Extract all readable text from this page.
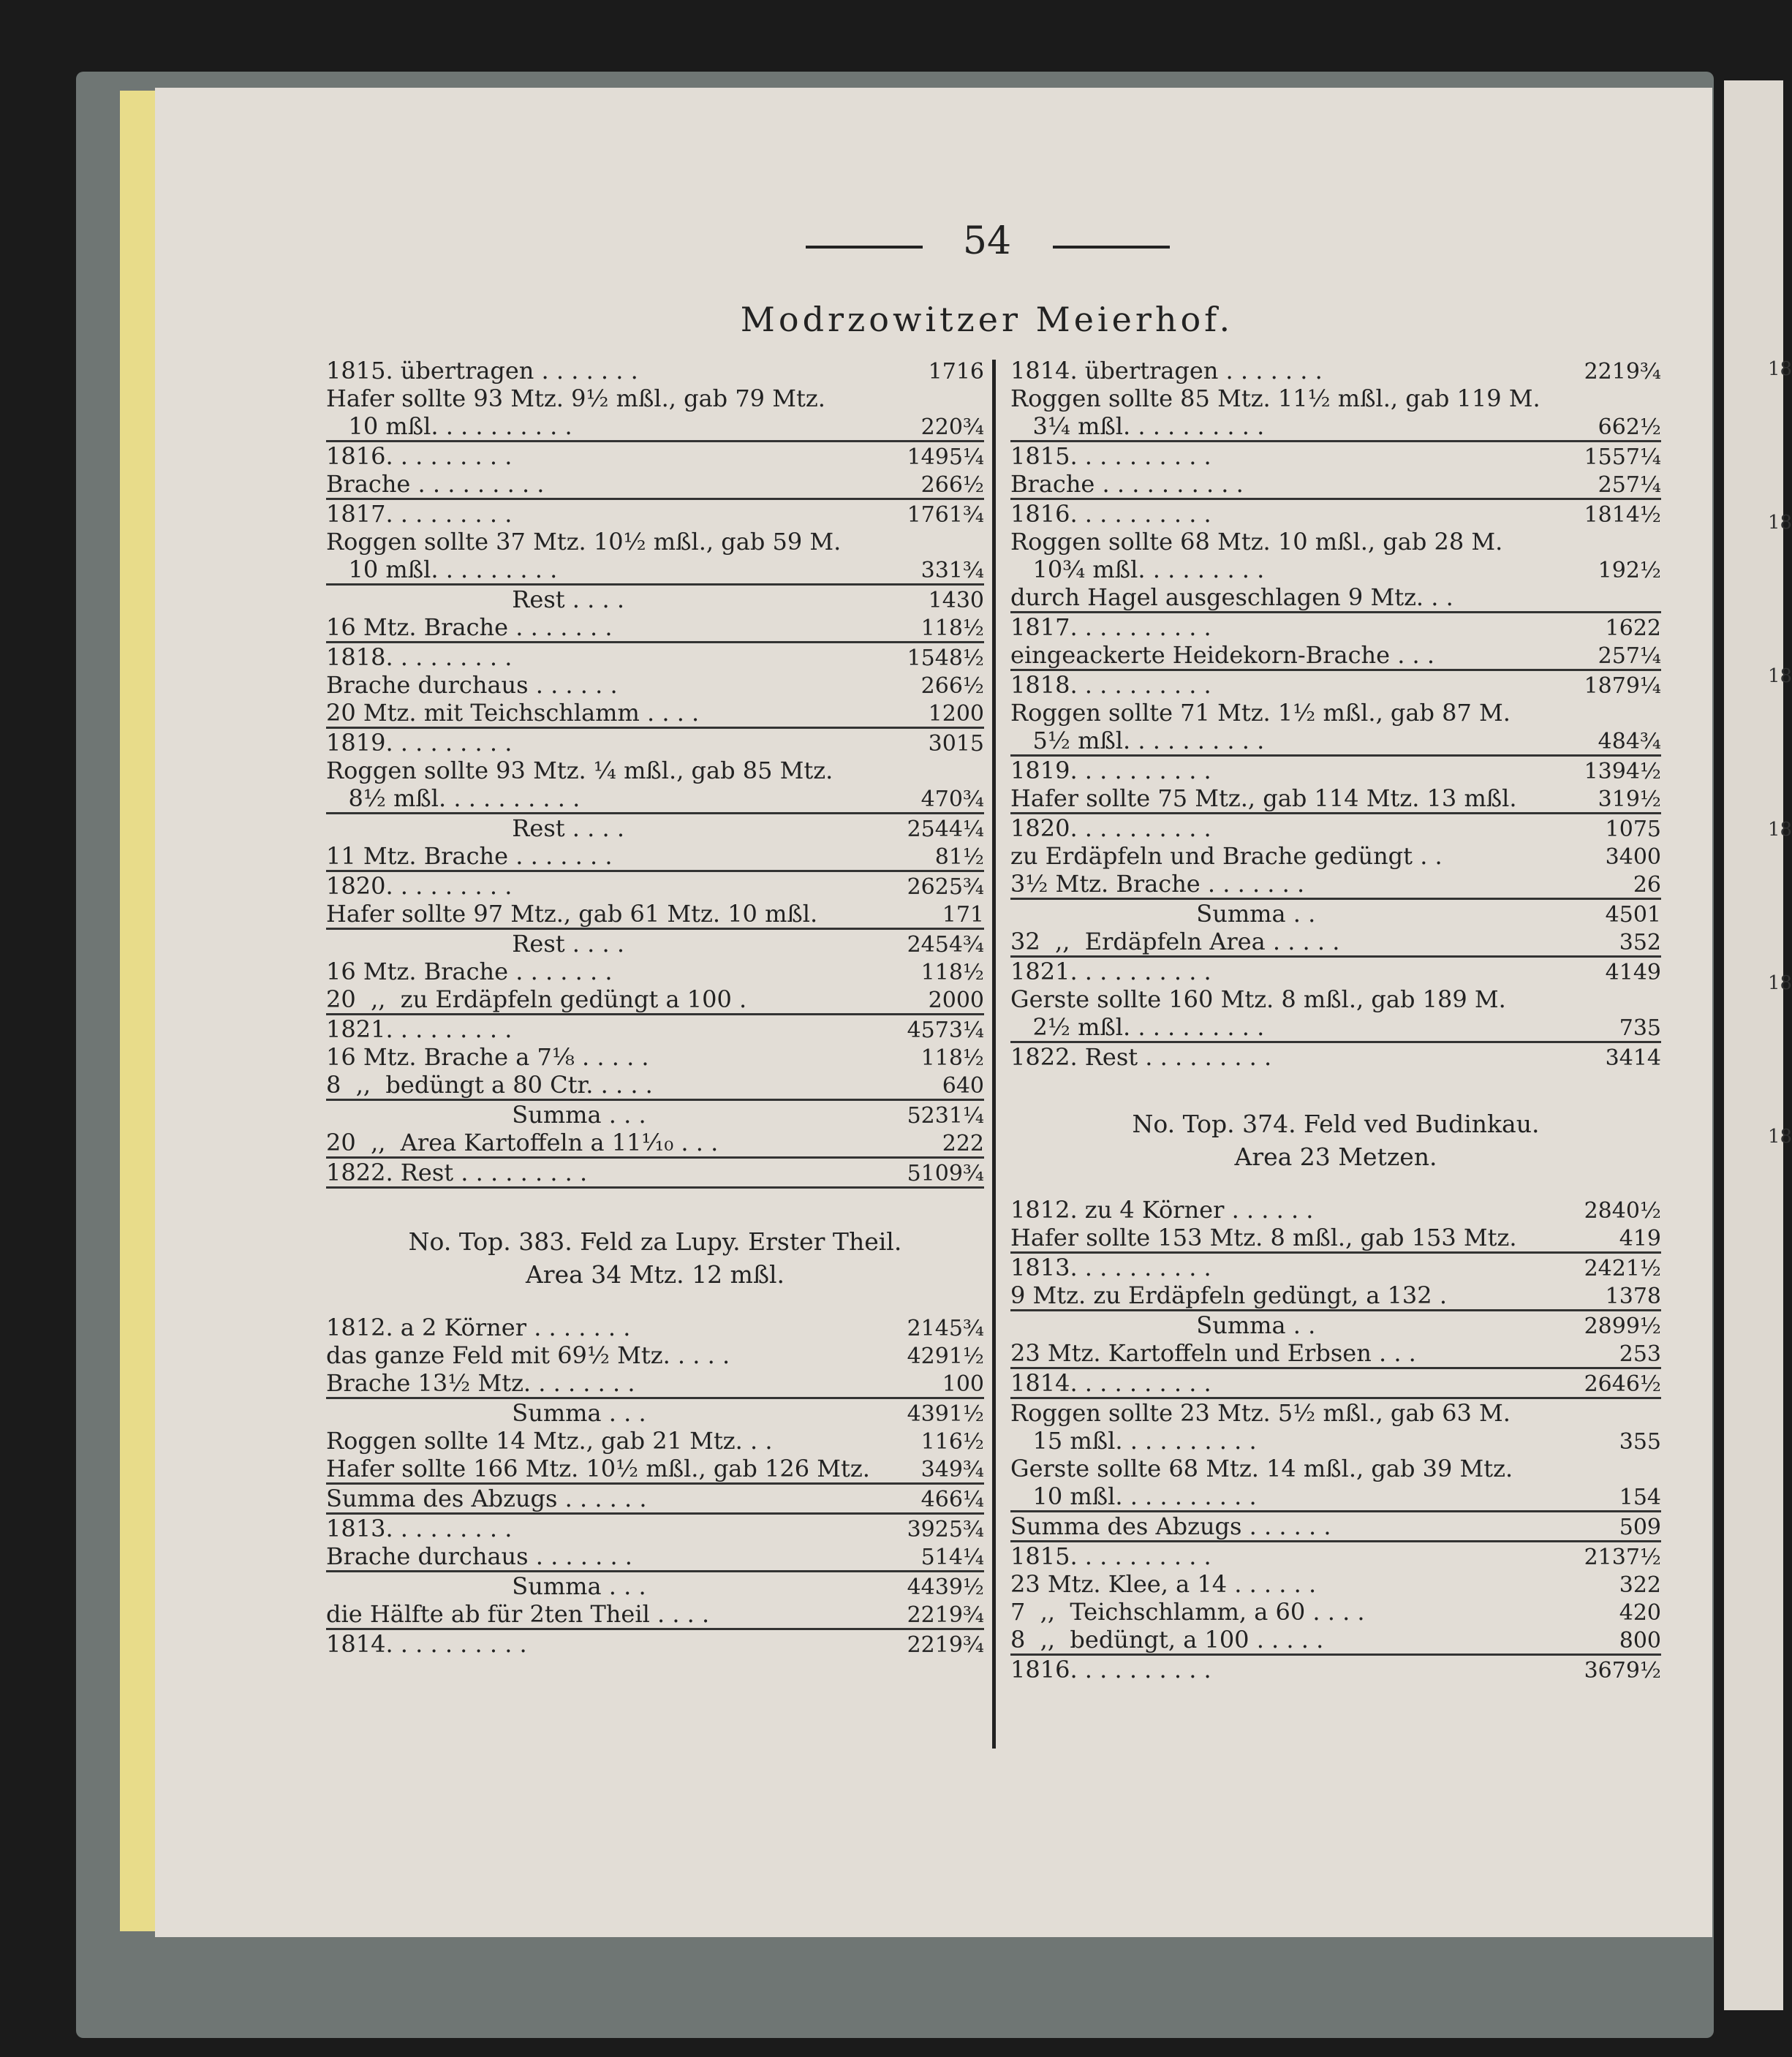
54
Modrzowitzer Meierhof.
1815. übertragen . . . . . . .	1716
Hafer sollte 93 Mtz. 9½ mßl., gab 79 Mtz.	
10 mßl. . . . . . . . . .	220¾
1816. . . . . . . . .	1495¼
Brache . . . . . . . . .	266½
1817. . . . . . . . .	1761¾
Roggen sollte 37 Mtz. 10½ mßl., gab 59 M.	
10 mßl. . . . . . . . .	331¾
Rest . . . .	1430
16 Mtz. Brache . . . . . . .	118½
1818. . . . . . . . .	1548½
Brache durchaus . . . . . .	266½
20 Mtz. mit Teichschlamm . . . .	1200
1819. . . . . . . . .	3015
Roggen sollte 93 Mtz. ¼ mßl., gab 85 Mtz.	
8½ mßl. . . . . . . . . .	470¾
Rest . . . .	2544¼
11 Mtz. Brache . . . . . . .	81½
1820. . . . . . . . .	2625¾
Hafer sollte 97 Mtz., gab 61 Mtz. 10 mßl.	171
Rest . . . .	2454¾
16 Mtz. Brache . . . . . . .	118½
20  ,,  zu Erdäpfeln gedüngt a 100 .	2000
1821. . . . . . . . .	4573¼
16 Mtz. Brache a 7⅛ . . . . .	118½
8  ,,  bedüngt a 80 Ctr. . . . .	640
Summa . . .	5231¼
20  ,,  Area Kartoffeln a 11⅒ . . .	222
1822. Rest . . . . . . . . .	5109¾
No. Top. 383. Feld za Lupy. Erster Theil.	
Area 34 Mtz. 12 mßl.	
1812. a 2 Körner . . . . . . .	2145¾
das ganze Feld mit 69½ Mtz. . . . .	4291½
Brache 13½ Mtz. . . . . . . .	100
Summa . . .	4391½
Roggen sollte 14 Mtz., gab 21 Mtz. . .	116½
Hafer sollte 166 Mtz. 10½ mßl., gab 126 Mtz.	349¾
Summa des Abzugs . . . . . .	466¼
1813. . . . . . . . .	3925¾
Brache durchaus . . . . . . .	514¼
Summa . . .	4439½
die Hälfte ab für 2ten Theil . . . .	2219¾
1814. . . . . . . . . .	2219¾
1814. übertragen . . . . . . .	2219¾
Roggen sollte 85 Mtz. 11½ mßl., gab 119 M.	
3¼ mßl. . . . . . . . . .	662½
1815. . . . . . . . . .	1557¼
Brache . . . . . . . . . .	257¼
1816. . . . . . . . . .	1814½
Roggen sollte 68 Mtz. 10 mßl., gab 28 M.	
10¾ mßl. . . . . . . . .	192½
durch Hagel ausgeschlagen 9 Mtz. . .	
1817. . . . . . . . . .	1622
eingeackerte Heidekorn-Brache . . .	257¼
1818. . . . . . . . . .	1879¼
Roggen sollte 71 Mtz. 1½ mßl., gab 87 M.	
5½ mßl. . . . . . . . . .	484¾
1819. . . . . . . . . .	1394½
Hafer sollte 75 Mtz., gab 114 Mtz. 13 mßl.	319½
1820. . . . . . . . . .	1075
zu Erdäpfeln und Brache gedüngt . .	3400
3½ Mtz. Brache . . . . . . .	26
Summa . .	4501
32  ,,  Erdäpfeln Area . . . . .	352
1821. . . . . . . . . .	4149
Gerste sollte 160 Mtz. 8 mßl., gab 189 M.	
2½ mßl. . . . . . . . . .	735
1822. Rest . . . . . . . . .	3414
No. Top. 374. Feld ved Budinkau.	
Area 23 Metzen.	
1812. zu 4 Körner . . . . . .	2840½
Hafer sollte 153 Mtz. 8 mßl., gab 153 Mtz.	419
1813. . . . . . . . . .	2421½
9 Mtz. zu Erdäpfeln gedüngt, a 132 .	1378
Summa . .	2899½
23 Mtz. Kartoffeln und Erbsen . . .	253
1814. . . . . . . . . .	2646½
Roggen sollte 23 Mtz. 5½ mßl., gab 63 M.	
15 mßl. . . . . . . . . .	355
Gerste sollte 68 Mtz. 14 mßl., gab 39 Mtz.	
10 mßl. . . . . . . . . .	154
Summa des Abzugs . . . . . .	509
1815. . . . . . . . . .	2137½
23 Mtz. Klee, a 14 . . . . . .	322
7  ,,  Teichschlamm, a 60 . . . .	420
8  ,,  bedüngt, a 100 . . . . .	800
1816. . . . . . . . . .	3679½
18
18
18
18
18
18
